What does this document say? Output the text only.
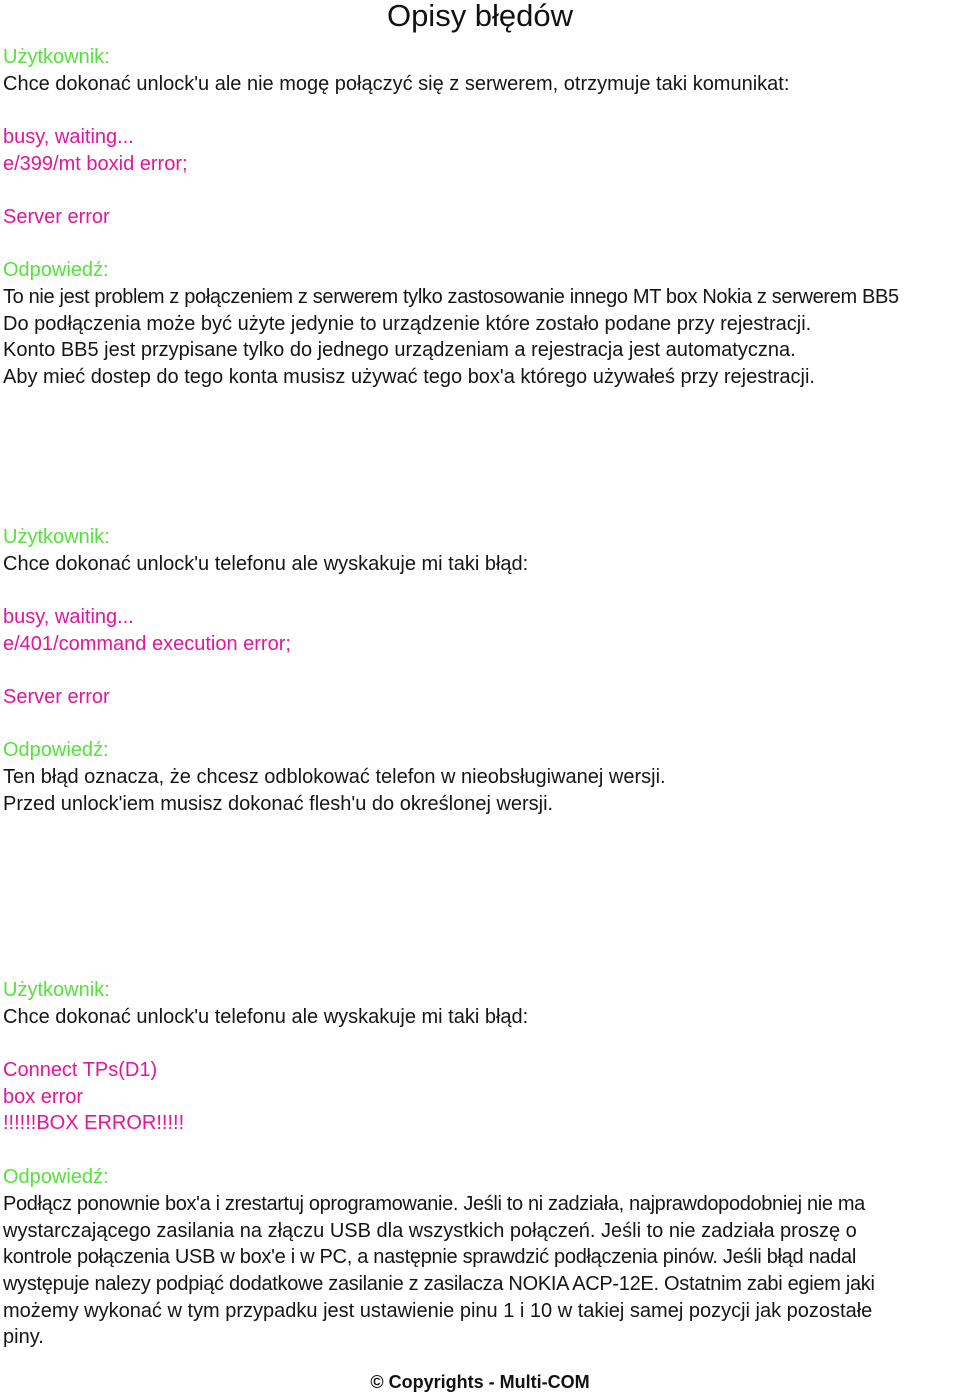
Opisy błędów
Użytkownik:
Chce dokonać unlock'u ale nie mogę połączyć się z serwerem, otrzymuje taki komunikat:
busy, waiting...
e/399/mt boxid error;
Server error
Odpowiedź:
To nie jest problem z połączeniem z serwerem tylko zastosowanie innego MT box Nokia z serwerem BB5
Do podłączenia może być użyte jedynie to urządzenie które zostało podane przy rejestracji.
Konto BB5 jest przypisane tylko do jednego urządzeniam a rejestracja jest automatyczna.
Aby mieć dostep do tego konta musisz używać tego box'a którego używałeś przy rejestracji.
Użytkownik:
Chce dokonać unlock'u telefonu ale wyskakuje mi taki błąd:
busy, waiting...
e/401/command execution error;
Server error
Odpowiedź:
Ten błąd oznacza, że chcesz odblokować telefon w nieobsługiwanej wersji.
Przed unlock'iem musisz dokonać flesh'u do określonej wersji.
Użytkownik:
Chce dokonać unlock'u telefonu ale wyskakuje mi taki błąd:
Connect TPs(D1)
box error
!!!!!!BOX ERROR!!!!!
Odpowiedź:
Podłącz ponownie box'a i zrestartuj oprogramowanie. Jeśli to ni zadziała, najprawdopodobniej nie ma
wystarczającego zasilania na złączu USB dla wszystkich połączeń. Jeśli to nie zadziała proszę o
kontrole połączenia USB w box'e i w PC, a następnie sprawdzić podłączenia pinów. Jeśli błąd nadal
występuje nalezy podpiąć dodatkowe zasilanie z zasilacza NOKIA ACP-12E. Ostatnim zabi egiem jaki
możemy wykonać w tym przypadku jest ustawienie pinu 1 i 10 w takiej samej pozycji jak pozostałe
piny.
© Copyrights - Multi-COM
